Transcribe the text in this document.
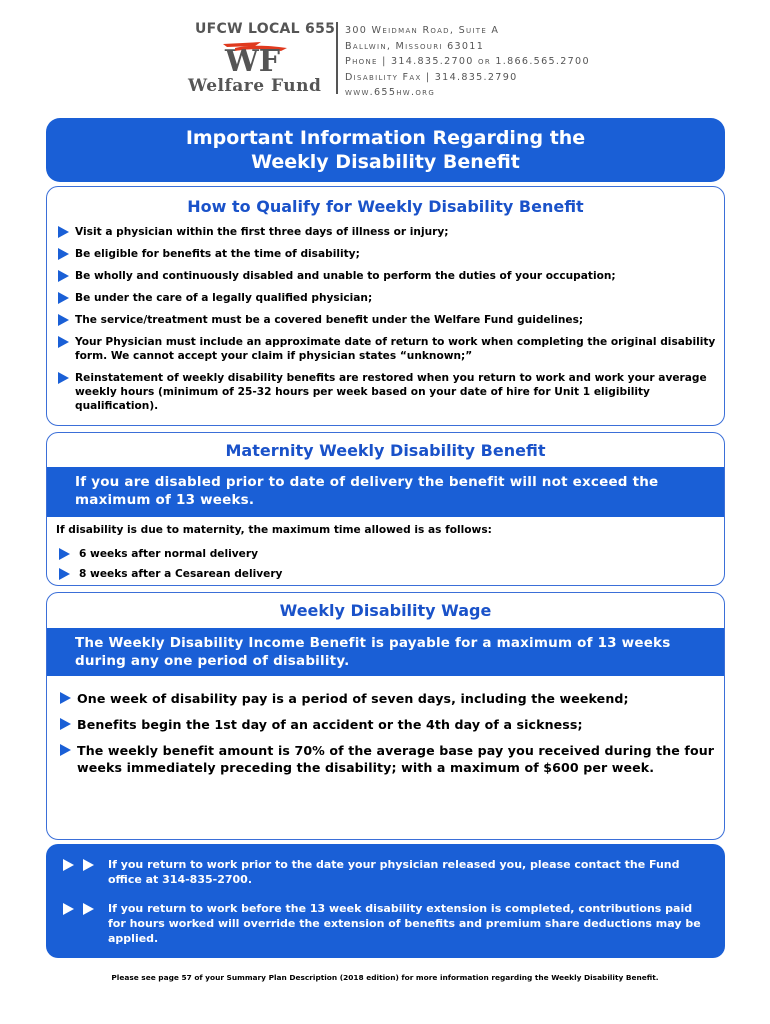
UFCW LOCAL 655
WF
Welfare Fund
300 Weidman Road, Suite A
Ballwin, Missouri 63011
Phone | 314.835.2700 or 1.866.565.2700
Disability Fax | 314.835.2790
www.655hw.org
Important Information Regarding the
Weekly Disability Benefit
How to Qualify for Weekly Disability Benefit
Visit a physician within the first three days of illness or injury;
Be eligible for benefits at the time of disability;
Be wholly and continuously disabled and unable to perform the duties of your occupation;
Be under the care of a legally qualified physician;
The service/treatment must be a covered benefit under the Welfare Fund guidelines;
Your Physician must include an approximate date of return to work when completing the original disability form. We cannot accept your claim if physician states “unknown;”
Reinstatement of weekly disability benefits are restored when you return to work and work your average weekly hours (minimum of 25-32 hours per week based on your date of hire for Unit 1 eligibility qualification).
Maternity Weekly Disability Benefit
If you are disabled prior to date of delivery the benefit will not exceed the maximum of 13 weeks.
If disability is due to maternity, the maximum time allowed is as follows:
6 weeks after normal delivery
8 weeks after a Cesarean delivery
Weekly Disability Wage
The Weekly Disability Income Benefit is payable for a maximum of 13 weeks during any one period of disability.
One week of disability pay is a period of seven days, including the weekend;
Benefits begin the 1st day of an accident or the 4th day of a sickness;
The weekly benefit amount is 70% of the average base pay you received during the four weeks immediately preceding the disability; with a maximum of $600 per week.
If you return to work prior to the date your physician released you, please contact the Fund office at 314-835-2700.
If you return to work before the 13 week disability extension is completed, contributions paid for hours worked will override the extension of benefits and premium share deductions may be applied.
Please see page 57 of your Summary Plan Description (2018 edition) for more information regarding the Weekly Disability Benefit.
